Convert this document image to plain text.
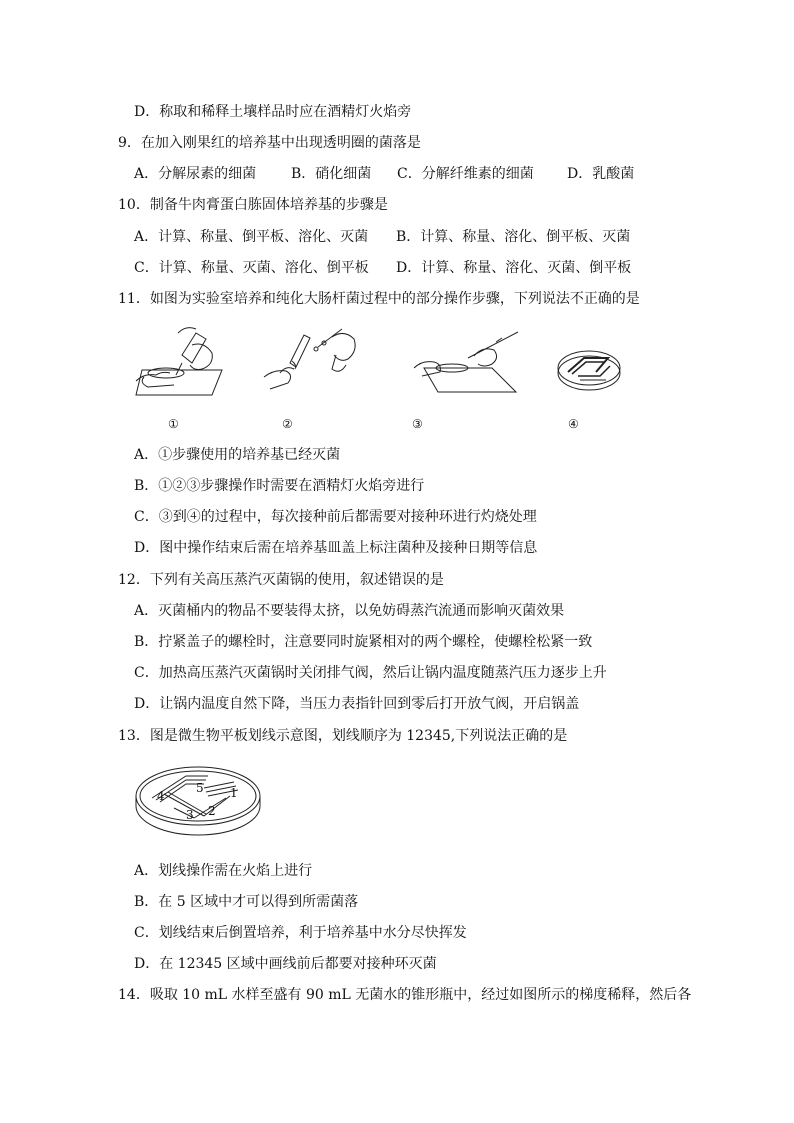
D．称取和稀释土壤样品时应在酒精灯火焰旁
9．在加入刚果红的培养基中出现透明圈的菌落是
A．分解尿素的细菌 B．硝化细菌 C．分解纤维素的细菌 D．乳酸菌
10．制备牛肉膏蛋白胨固体培养基的步骤是
A．计算、称量、倒平板、溶化、灭菌 B．计算、称量、溶化、倒平板、灭菌
C．计算、称量、灭菌、溶化、倒平板 D．计算、称量、溶化、灭菌、倒平板
11．如图为实验室培养和纯化大肠杆菌过程中的部分操作步骤，下列说法不正确的是
①	②	③	④
A．①步骤使用的培养基已经灭菌
B．①②③步骤操作时需要在酒精灯火焰旁进行
C．③到④的过程中，每次接种前后都需要对接种环进行灼烧处理
D．图中操作结束后需在培养基皿盖上标注菌种及接种日期等信息
12．下列有关高压蒸汽灭菌锅的使用，叙述错误的是
A．灭菌桶内的物品不要装得太挤，以免妨碍蒸汽流通而影响灭菌效果
B．拧紧盖子的螺栓时，注意要同时旋紧相对的两个螺栓，使螺栓松紧一致
C．加热高压蒸汽灭菌锅时关闭排气阀，然后让锅内温度随蒸汽压力逐步上升
D．让锅内温度自然下降，当压力表指针回到零后打开放气阀，开启锅盖
13．图是微生物平板划线示意图，划线顺序为 12345,下列说法正确的是
1
2
3
4
5
A．划线操作需在火焰上进行
B．在 5 区域中才可以得到所需菌落
C．划线结束后倒置培养，利于培养基中水分尽快挥发
D．在 12345 区域中画线前后都要对接种环灭菌
14．吸取 10 mL 水样至盛有 90 mL 无菌水的锥形瓶中，经过如图所示的梯度稀释，然后各
